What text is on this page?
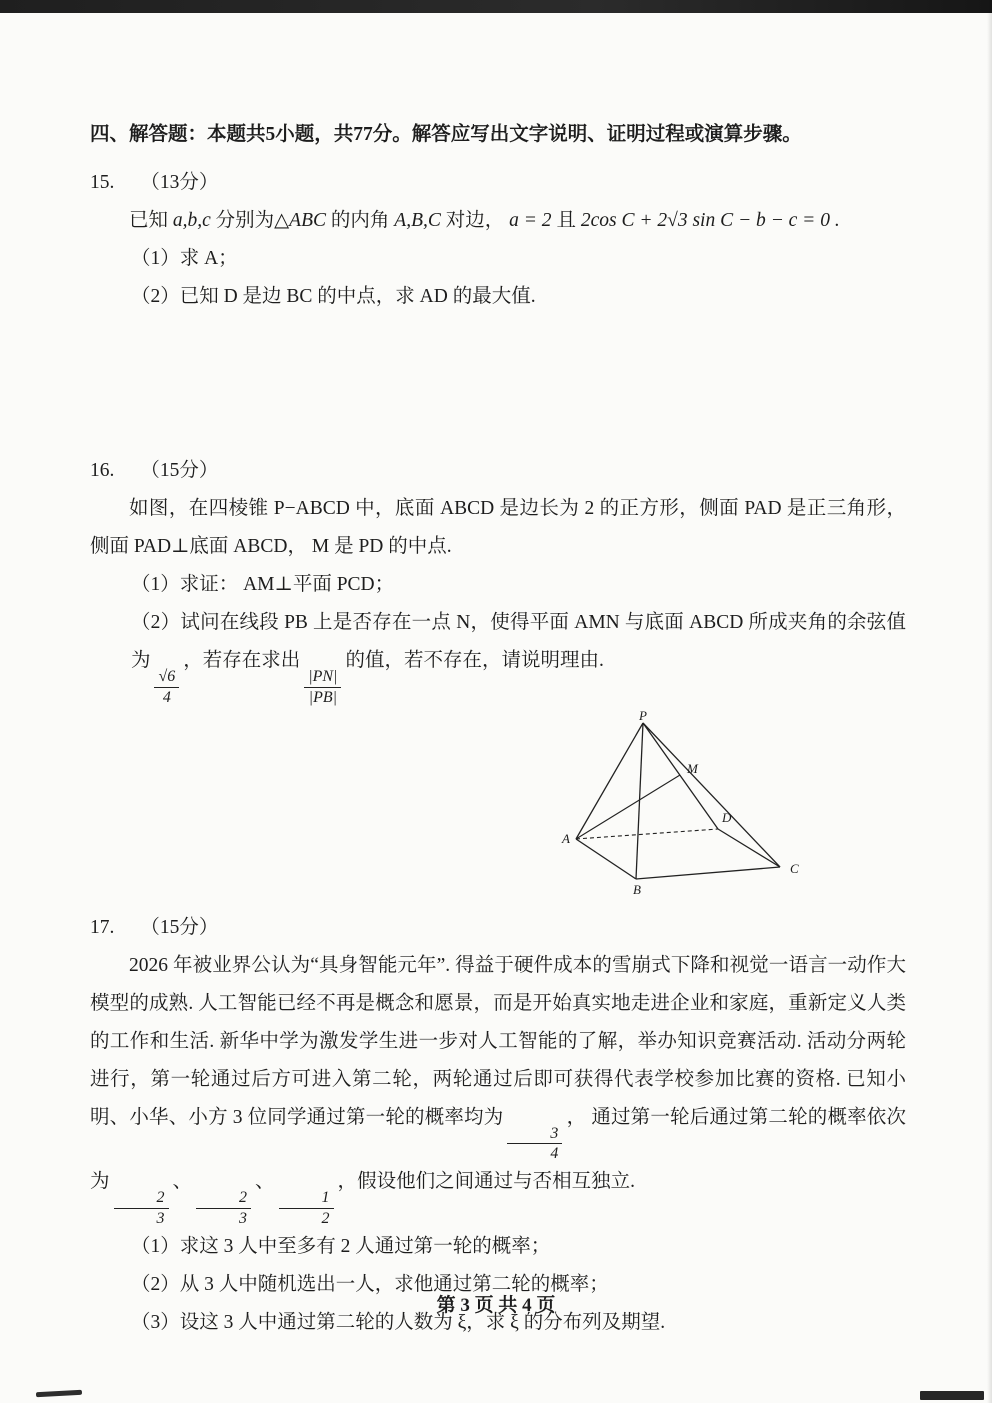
四、解答题：本题共5小题，共77分。解答应写出文字说明、证明过程或演算步骤。

15. （13分）

已知 a,b,c 分别为△ABC 的内角 A,B,C 对边， a = 2 且 2cos C + 2√3 sin C − b − c = 0 .

（1）求 A；

（2）已知 D 是边 BC 的中点，求 AD 的最大值.

16. （15分）

如图，在四棱锥 P−ABCD 中，底面 ABCD 是边长为 2 的正方形，侧面 PAD 是正三角形，侧面 PAD⊥底面 ABCD， M 是 PD 的中点.

（1）求证： AM⊥平面 PCD；

（2）试问在线段 PB 上是否存在一点 N，使得平面 AMN 与底面 ABCD 所成夹角的余弦值为
$\frac{√6}{4}$
，若存在求出
$\frac{|PN|}{|PB|}$
的值，若不存在，请说明理由.

P
M
A
B
C
D

17. （15分）

2026 年被业界公认为“具身智能元年”. 得益于硬件成本的雪崩式下降和视觉一语言一动作大模型的成熟. 人工智能已经不再是概念和愿景，而是开始真实地走进企业和家庭，重新定义人类的工作和生活. 新华中学为激发学生进一步对人工智能的了解，举办知识竞赛活动. 活动分两轮进行，第一轮通过后方可进入第二轮，两轮通过后即可获得代表学校参加比赛的资格. 已知小明、小华、小方 3 位同学通过第一轮的概率均为
$\frac{3}{4}$
， 通过第一轮后通过第二轮的概率依次为
$\frac{2}{3}$
、
$\frac{2}{3}$
、
$\frac{1}{2}$
，假设他们之间通过与否相互独立.

（1）求这 3 人中至多有 2 人通过第一轮的概率；

（2）从 3 人中随机选出一人，求他通过第二轮的概率；

（3）设这 3 人中通过第二轮的人数为 ξ，求 ξ 的分布列及期望.

第 3 页 共 4 页
